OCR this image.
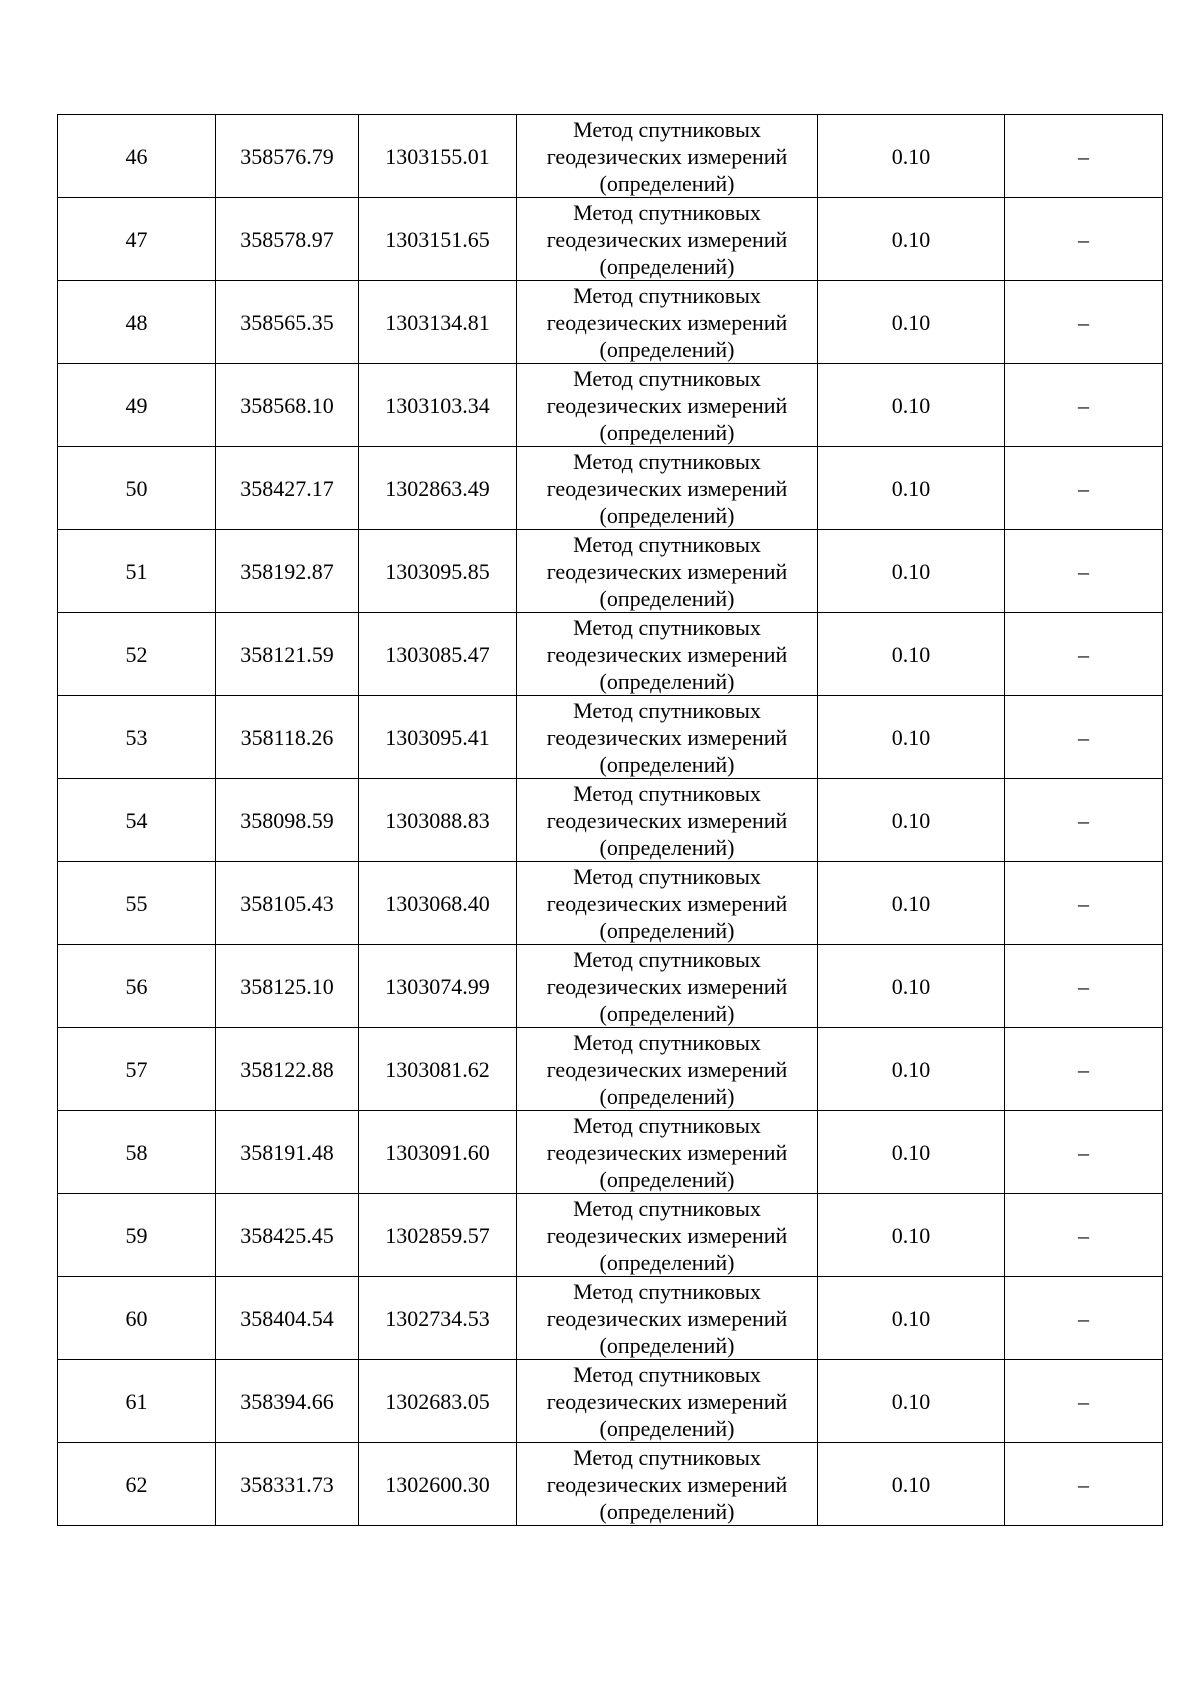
46	358576.79	1303155.01	Метод спутниковых
геодезических измерений
(определений)	0.10	–
47	358578.97	1303151.65	Метод спутниковых
геодезических измерений
(определений)	0.10	–
48	358565.35	1303134.81	Метод спутниковых
геодезических измерений
(определений)	0.10	–
49	358568.10	1303103.34	Метод спутниковых
геодезических измерений
(определений)	0.10	–
50	358427.17	1302863.49	Метод спутниковых
геодезических измерений
(определений)	0.10	–
51	358192.87	1303095.85	Метод спутниковых
геодезических измерений
(определений)	0.10	–
52	358121.59	1303085.47	Метод спутниковых
геодезических измерений
(определений)	0.10	–
53	358118.26	1303095.41	Метод спутниковых
геодезических измерений
(определений)	0.10	–
54	358098.59	1303088.83	Метод спутниковых
геодезических измерений
(определений)	0.10	–
55	358105.43	1303068.40	Метод спутниковых
геодезических измерений
(определений)	0.10	–
56	358125.10	1303074.99	Метод спутниковых
геодезических измерений
(определений)	0.10	–
57	358122.88	1303081.62	Метод спутниковых
геодезических измерений
(определений)	0.10	–
58	358191.48	1303091.60	Метод спутниковых
геодезических измерений
(определений)	0.10	–
59	358425.45	1302859.57	Метод спутниковых
геодезических измерений
(определений)	0.10	–
60	358404.54	1302734.53	Метод спутниковых
геодезических измерений
(определений)	0.10	–
61	358394.66	1302683.05	Метод спутниковых
геодезических измерений
(определений)	0.10	–
62	358331.73	1302600.30	Метод спутниковых
геодезических измерений
(определений)	0.10	–
